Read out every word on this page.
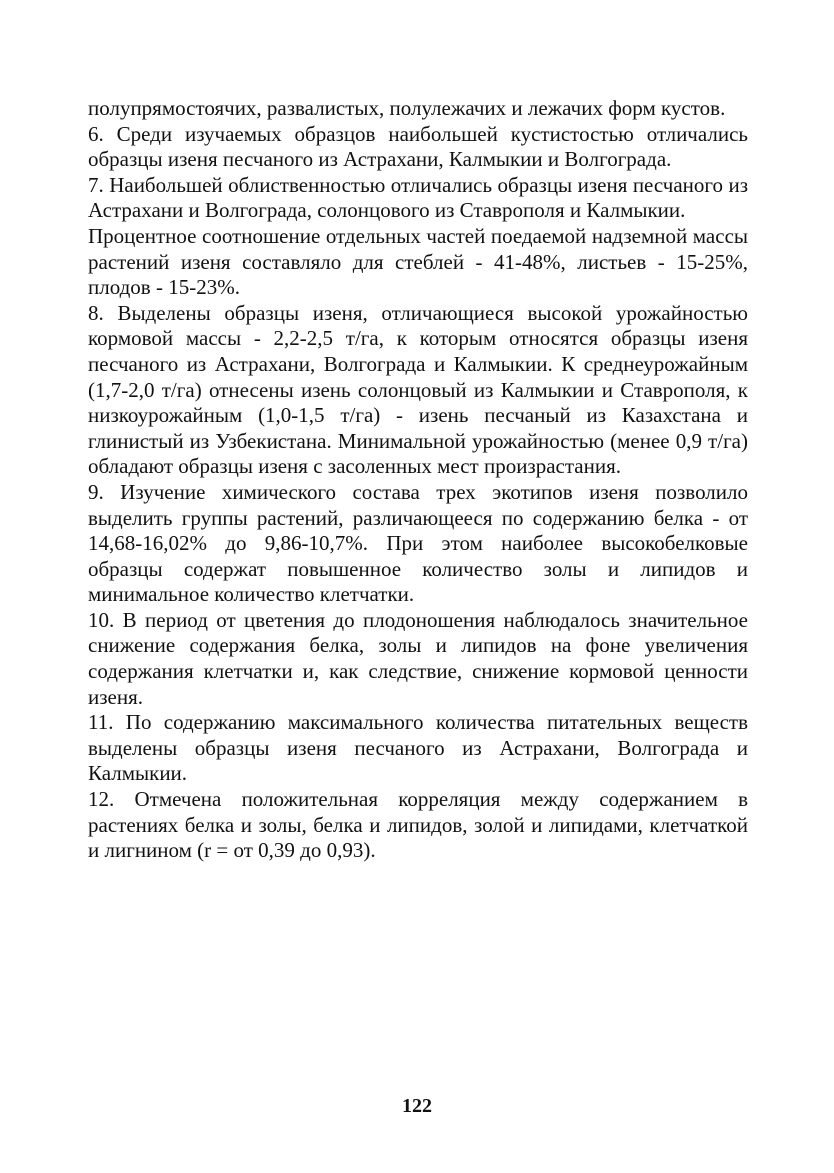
полупрямостоячих, развалистых, полулежачих и лежачих форм кустов.

6. Среди изучаемых образцов наибольшей кустистостью отличались образцы изеня песчаного из Астрахани, Калмыкии и Волгограда.

7. Наибольшей облиственностью отличались образцы изеня песчаного из Астрахани и Волгограда, солонцового из Ставрополя и Калмыкии.

Процентное соотношение отдельных частей поедаемой надземной массы растений изеня составляло для стеблей - 41-48%, листьев - 15-25%, плодов - 15-23%.

8. Выделены образцы изеня, отличающиеся высокой урожайностью кормовой массы - 2,2-2,5 т/га, к которым относятся образцы изеня песчаного из Астрахани, Волгограда и Калмыкии. К среднеурожайным (1,7-2,0 т/га) отнесены изень солонцовый из Калмыкии и Ставрополя, к низкоурожайным (1,0-1,5 т/га) - изень песчаный из Казахстана и глинистый из Узбекистана. Минимальной урожайностью (менее 0,9 т/га) обладают образцы изеня с засоленных мест произрастания.

9. Изучение химического состава трех экотипов изеня позволило выделить группы растений, различающееся по содержанию белка - от 14,68-16,02% до 9,86-10,7%. При этом наиболее высокобелковые образцы содержат повышенное количество золы и липидов и минимальное количество клетчатки.

10. В период от цветения до плодоношения наблюдалось значительное снижение содержания белка, золы и липидов на фоне увеличения содержания клетчатки и, как следствие, снижение кормовой ценности изеня.

11. По содержанию максимального количества питательных веществ выделены образцы изеня песчаного из Астрахани, Волгограда и Калмыкии.

12. Отмечена положительная корреляция между содержанием в растениях белка и золы, белка и липидов, золой и липидами, клетчаткой и лигнином (r = от 0,39 до 0,93).

122
